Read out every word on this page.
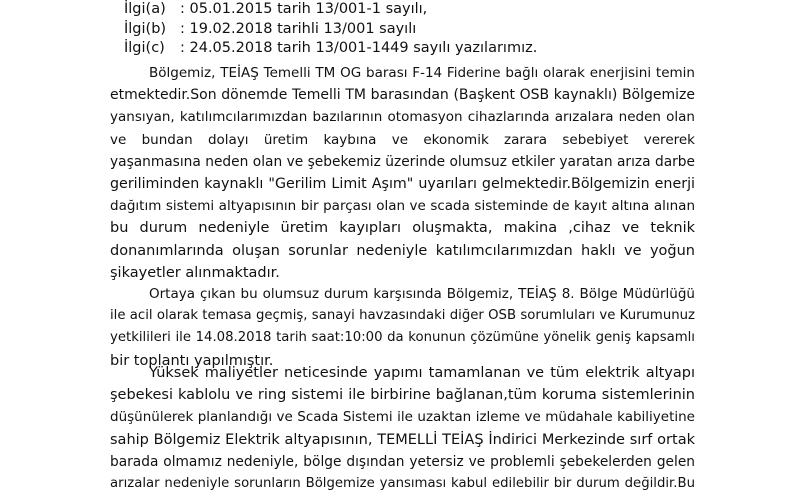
İlgi(a) : 05.01.2015 tarih 13/001-1 sayılı,
İlgi(b) : 19.02.2018 tarihli 13/001 sayılı
İlgi(c) : 24.05.2018 tarih 13/001-1449 sayılı yazılarımız.
Bölgemiz, TEİAŞ Temelli TM OG barası F-14 Fiderine bağlı olarak enerjisini temin
etmektedir.Son dönemde Temelli TM barasından (Başkent OSB kaynaklı) Bölgemize
yansıyan, katılımcılarımızdan bazılarının otomasyon cihazlarında arızalara neden olan
ve bundan dolayı üretim kaybına ve ekonomik zarara sebebiyet vererek
yaşanmasına neden olan ve şebekemiz üzerinde olumsuz etkiler yaratan arıza darbe
geriliminden kaynaklı "Gerilim Limit Aşım" uyarıları gelmektedir.Bölgemizin enerji
dağıtım sistemi altyapısının bir parçası olan ve scada sisteminde de kayıt altına alınan
bu durum nedeniyle üretim kayıpları oluşmakta, makina ,cihaz ve teknik
donanımlarında oluşan sorunlar nedeniyle katılımcılarımızdan haklı ve yoğun
şikayetler alınmaktadır.
Ortaya çıkan bu olumsuz durum karşısında Bölgemiz, TEİAŞ 8. Bölge Müdürlüğü
ile acil olarak temasa geçmiş, sanayi havzasındaki diğer OSB sorumluları ve Kurumunuz
yetkilileri ile 14.08.2018 tarih saat:10:00 da konunun çözümüne yönelik geniş kapsamlı
bir toplantı yapılmıştır.
Yüksek maliyetler neticesinde yapımı tamamlanan ve tüm elektrik altyapı
şebekesi kablolu ve ring sistemi ile birbirine bağlanan,tüm koruma sistemlerinin
düşünülerek planlandığı ve Scada Sistemi ile uzaktan izleme ve müdahale kabiliyetine
sahip Bölgemiz Elektrik altyapısının, TEMELLİ TEİAŞ İndirici Merkezinde sırf ortak
barada olmamız nedeniyle, bölge dışından yetersiz ve problemli şebekelerden gelen
arızalar nedeniyle sorunların Bölgemize yansıması kabul edilebilir bir durum değildir.Bu
